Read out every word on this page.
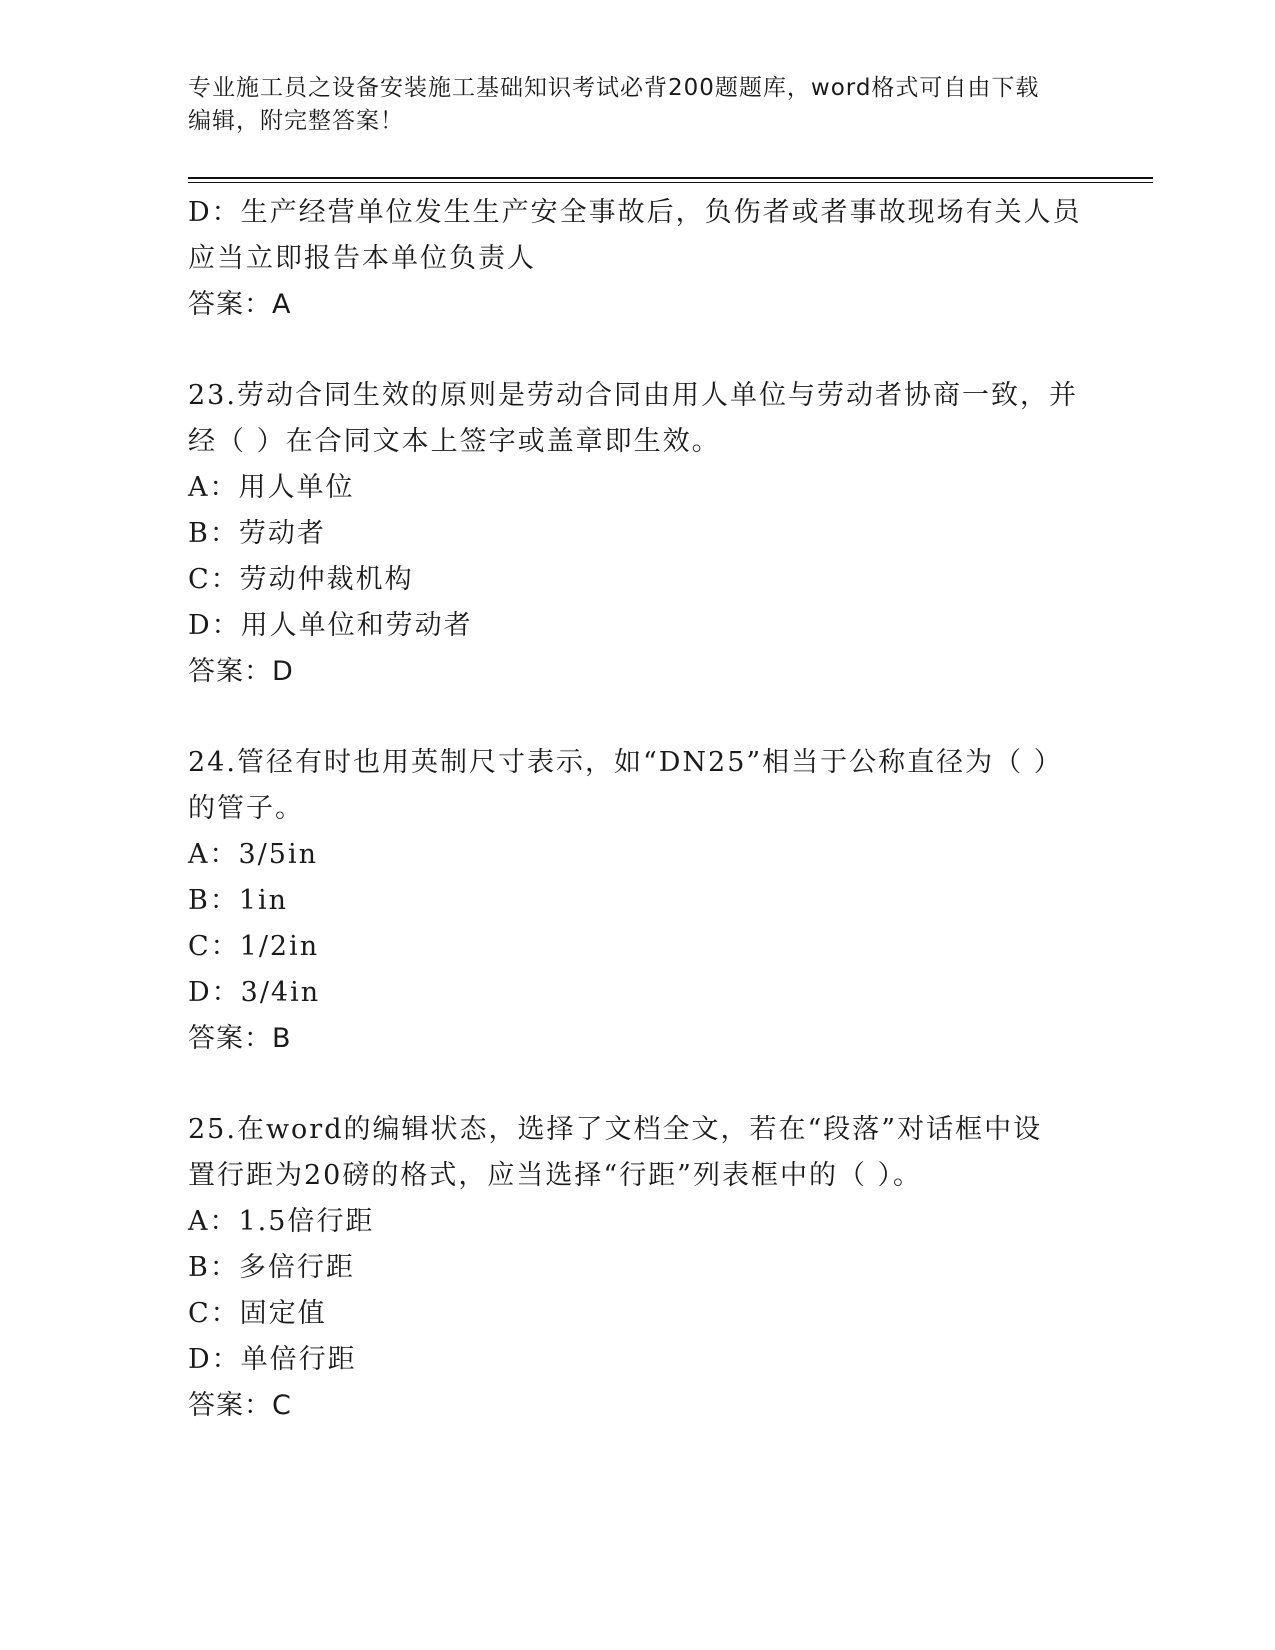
专业施工员之设备安装施工基础知识考试必背200题题库，word格式可自由下载
编辑，附完整答案！
D：生产经营单位发生生产安全事故后，负伤者或者事故现场有关人员
应当立即报告本单位负责人
答案：A
23.劳动合同生效的原则是劳动合同由用人单位与劳动者协商一致，并
经（ ）在合同文本上签字或盖章即生效。
A：用人单位
B：劳动者
C：劳动仲裁机构
D：用人单位和劳动者
答案：D
24.管径有时也用英制尺寸表示，如“DN25”相当于公称直径为（ ）
的管子。
A：3/5in
B：1in
C：1/2in
D：3/4in
答案：B
25.在word的编辑状态，选择了文档全文，若在“段落”对话框中设
置行距为20磅的格式，应当选择“行距”列表框中的（ ）。
A：1.5倍行距
B：多倍行距
C：固定值
D：单倍行距
答案：C
